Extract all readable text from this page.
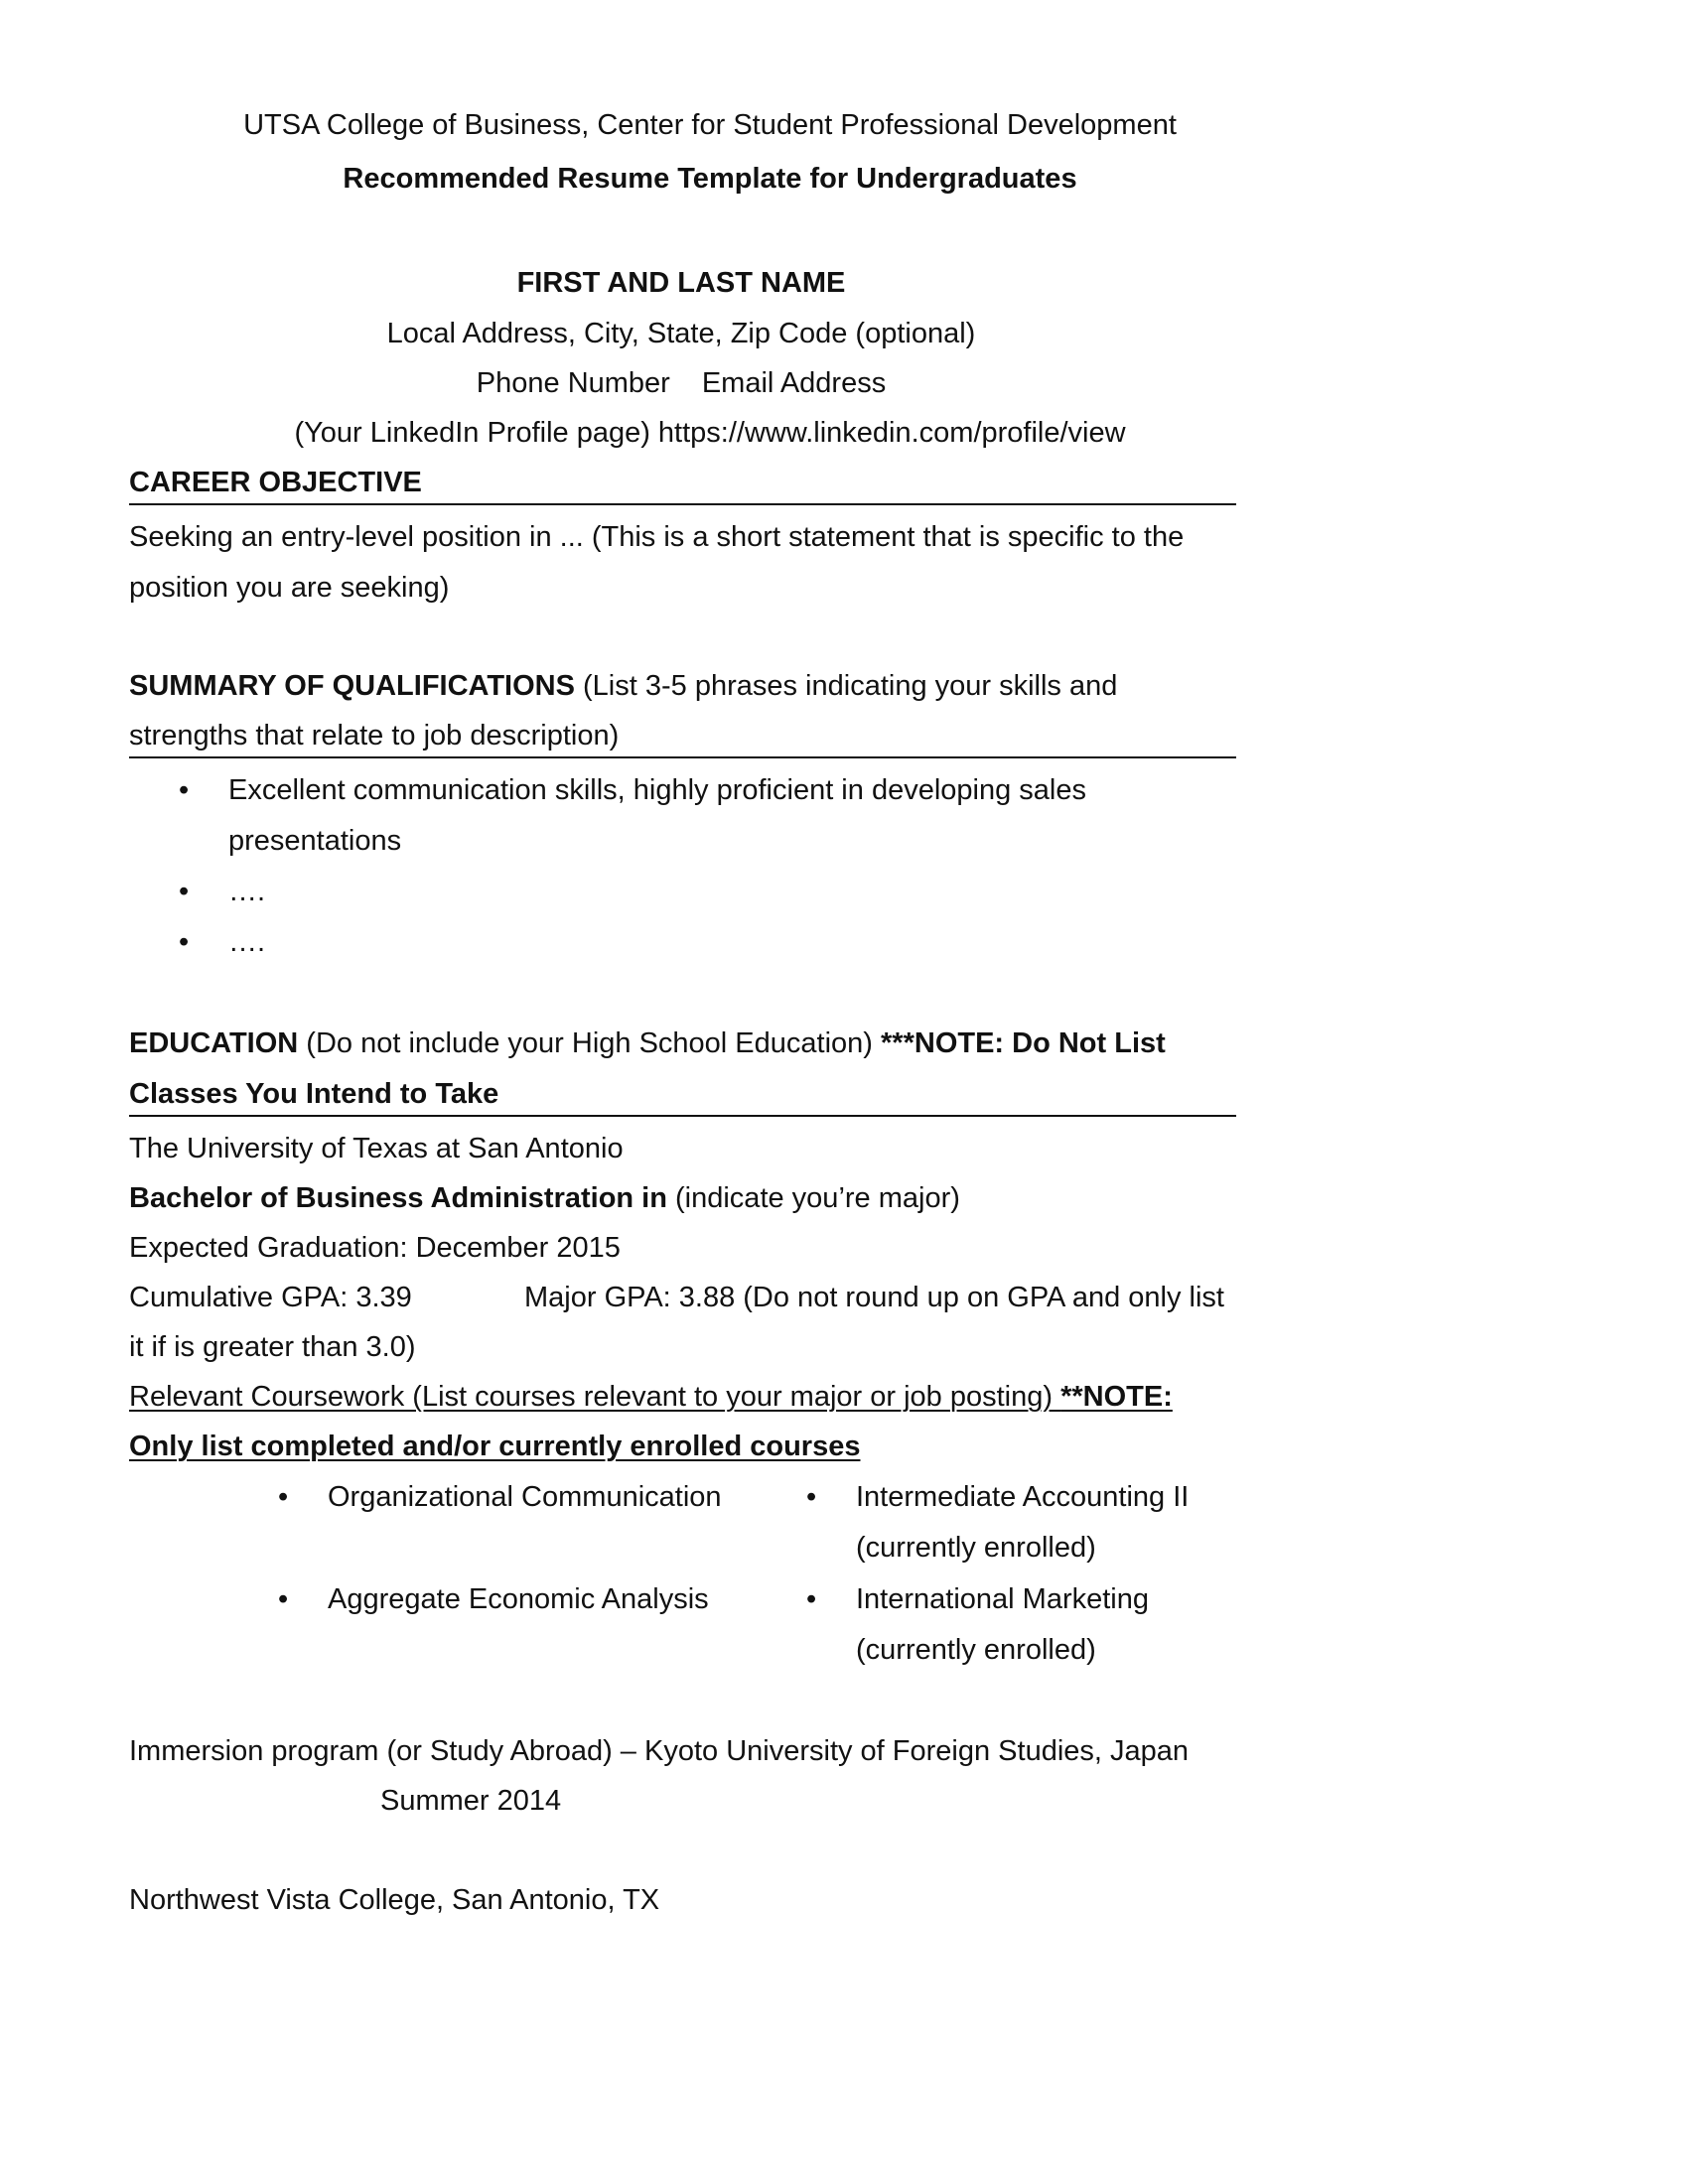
UTSA College of Business, Center for Student Professional Development
Recommended Resume Template for Undergraduates
FIRST AND LAST NAME
Local Address, City, State, Zip Code (optional)
Phone Number Email Address
(Your LinkedIn Profile page) https://www.linkedin.com/profile/view
CAREER OBJECTIVE
Seeking an entry-level position in ... (This is a short statement that is specific to the
position you are seeking)
SUMMARY OF QUALIFICATIONS (List 3-5 phrases indicating your skills and
strengths that relate to job description)
• Excellent communication skills, highly proficient in developing sales
presentations
• ….
• ….
EDUCATION (Do not include your High School Education) ***NOTE: Do Not List
Classes You Intend to Take
The University of Texas at San Antonio
Bachelor of Business Administration in (indicate you’re major)
Expected Graduation: December 2015
Cumulative GPA: 3.39	Major GPA: 3.88 (Do not round up on GPA and only list
it if is greater than 3.0)
Relevant Coursework (List courses relevant to your major or job posting) **NOTE:
Only list completed and/or currently enrolled courses
• Organizational Communication	• Intermediate Accounting II
(currently enrolled)
• Aggregate Economic Analysis	• International Marketing
(currently enrolled)
Immersion program (or Study Abroad) – Kyoto University of Foreign Studies, Japan
Summer 2014
Northwest Vista College, San Antonio, TX
